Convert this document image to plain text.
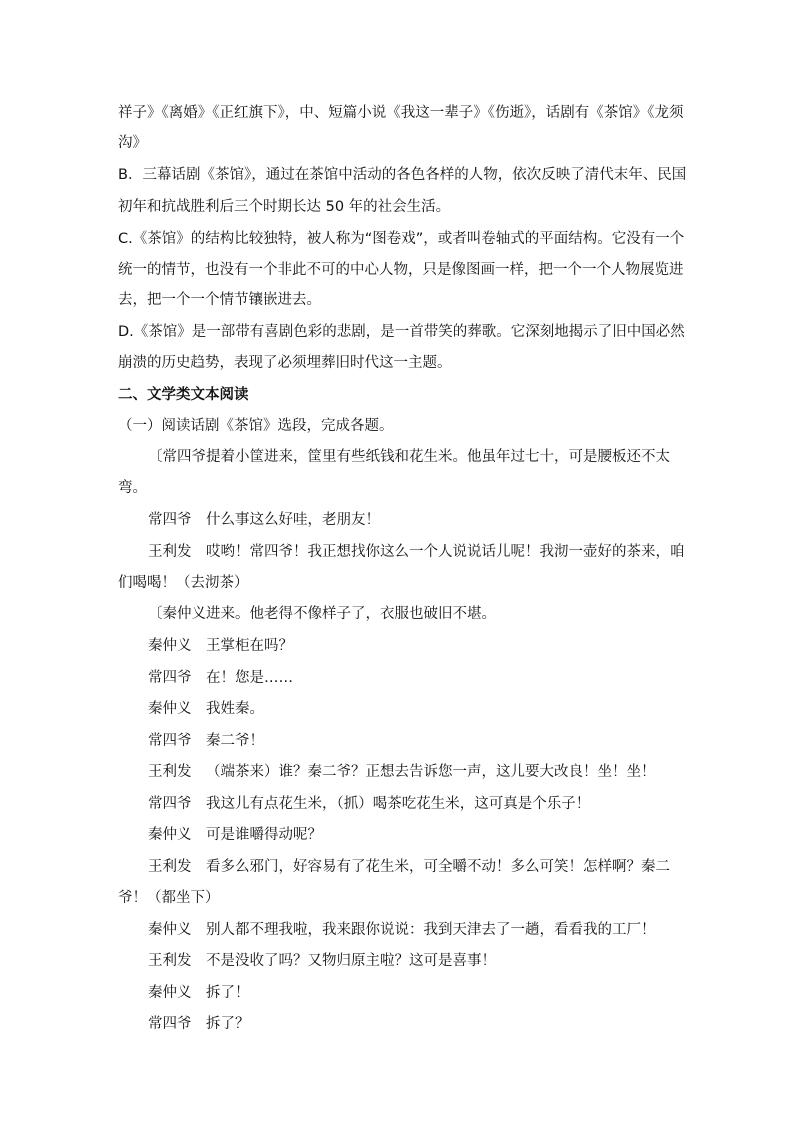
祥子》《离婚》《正红旗下》，中、短篇小说《我这一辈子》《伤逝》，话剧有《茶馆》《龙须
沟》
B．三幕话剧《茶馆》，通过在茶馆中活动的各色各样的人物，依次反映了清代末年、民国
初年和抗战胜利后三个时期长达 50 年的社会生活。
C.《茶馆》的结构比较独特，被人称为“图卷戏”，或者叫卷轴式的平面结构。它没有一个
统一的情节，也没有一个非此不可的中心人物，只是像图画一样，把一个一个人物展览进
去，把一个一个情节镶嵌进去。
D.《茶馆》是一部带有喜剧色彩的悲剧，是一首带笑的葬歌。它深刻地揭示了旧中国必然
崩溃的历史趋势，表现了必须埋葬旧时代这一主题。
二、文学类文本阅读
（一）阅读话剧《茶馆》选段，完成各题。
〔常四爷提着小筐进来，筐里有些纸钱和花生米。他虽年过七十，可是腰板还不太
弯。
常四爷 什么事这么好哇，老朋友！
王利发 哎哟！常四爷！我正想找你这么一个人说说话儿呢！我沏一壶好的茶来，咱
们喝喝！（去沏茶）
〔秦仲义进来。他老得不像样子了，衣服也破旧不堪。
秦仲义 王掌柜在吗？
常四爷 在！您是……
秦仲义 我姓秦。
常四爷 秦二爷！
王利发 （端茶来）谁？秦二爷？正想去告诉您一声，这儿要大改良！坐！坐！
常四爷 我这儿有点花生米，（抓）喝茶吃花生米，这可真是个乐子！
秦仲义 可是谁嚼得动呢？
王利发 看多么邪门，好容易有了花生米，可全嚼不动！多么可笑！怎样啊？秦二
爷！（都坐下）
秦仲义 别人都不理我啦，我来跟你说说：我到天津去了一趟，看看我的工厂！
王利发 不是没收了吗？又物归原主啦？这可是喜事！
秦仲义 拆了！
常四爷 拆了？
